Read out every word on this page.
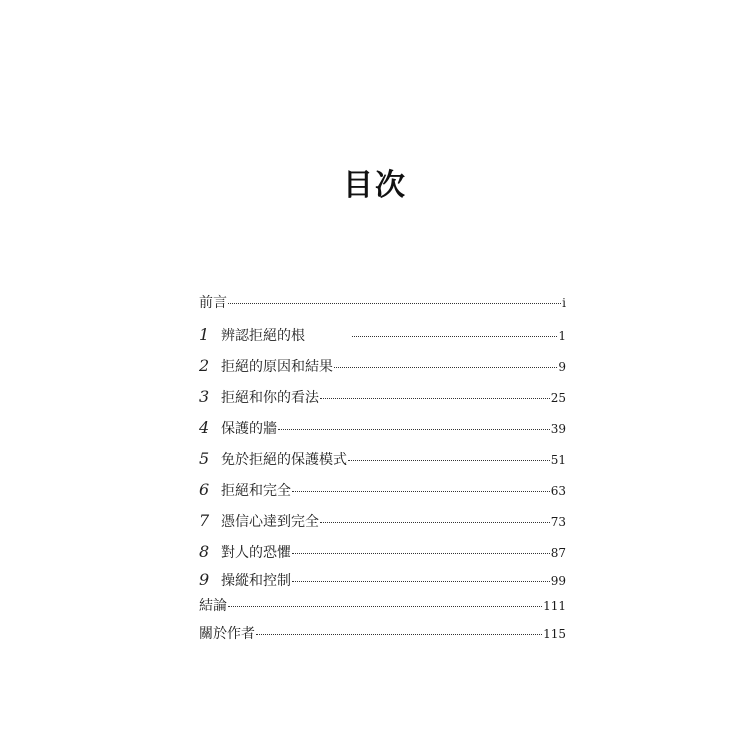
目次
前言	i
1 辨認拒絕的根	1
2 拒絕的原因和結果	9
3 拒絕和你的看法	25
4 保護的牆	39
5 免於拒絕的保護模式	51
6 拒絕和完全	63
7 憑信心達到完全	73
8 對人的恐懼	87
9 操縱和控制	99
結論	111
關於作者	115
